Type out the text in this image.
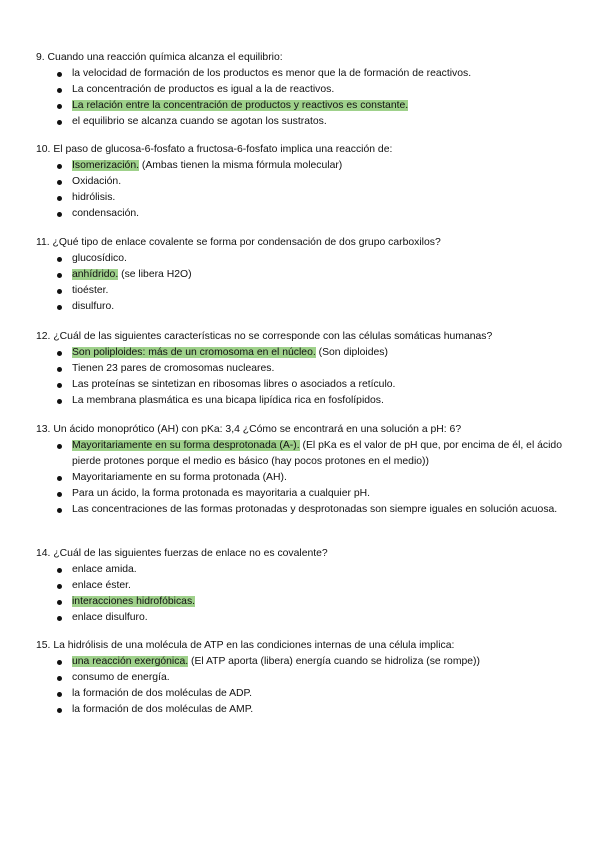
9. Cuando una reacción química alcanza el equilibrio:

la velocidad de formación de los productos es menor que la de formación de reactivos.
La concentración de productos es igual a la de reactivos.
La relación entre la concentración de productos y reactivos es constante.
el equilibrio se alcanza cuando se agotan los sustratos.

10. El paso de glucosa-6-fosfato a fructosa-6-fosfato implica una reacción de:

Isomerización. (Ambas tienen la misma fórmula molecular)
Oxidación.
hidrólisis.
condensación.

11. ¿Qué tipo de enlace covalente se forma por condensación de dos grupo carboxilos?

glucosídico.
anhídrido. (se libera H2O)
tioéster.
disulfuro.

12. ¿Cuál de las siguientes características no se corresponde con las células somáticas humanas?

Son poliploides: más de un cromosoma en el núcleo. (Son diploides)
Tienen 23 pares de cromosomas nucleares.
Las proteínas se sintetizan en ribosomas libres o asociados a retículo.
La membrana plasmática es una bicapa lipídica rica en fosfolípidos.

13. Un ácido monoprótico (AH) con pKa: 3,4 ¿Cómo se encontrará en una solución a pH: 6?

Mayoritariamente en su forma desprotonada (A-). (El pKa es el valor de pH que, por encima de él, el ácido pierde protones porque el medio es básico (hay pocos protones en el medio))
Mayoritariamente en su forma protonada (AH).
Para un ácido, la forma protonada es mayoritaria a cualquier pH.
Las concentraciones de las formas protonadas y desprotonadas son siempre iguales en solución acuosa.

14. ¿Cuál de las siguientes fuerzas de enlace no es covalente?

enlace amida.
enlace éster.
interacciones hidrofóbicas.
enlace disulfuro.

15. La hidrólisis de una molécula de ATP en las condiciones internas de una célula implica:

una reacción exergónica. (El ATP aporta (libera) energía cuando se hidroliza (se rompe))
consumo de energía.
la formación de dos moléculas de ADP.
la formación de dos moléculas de AMP.
